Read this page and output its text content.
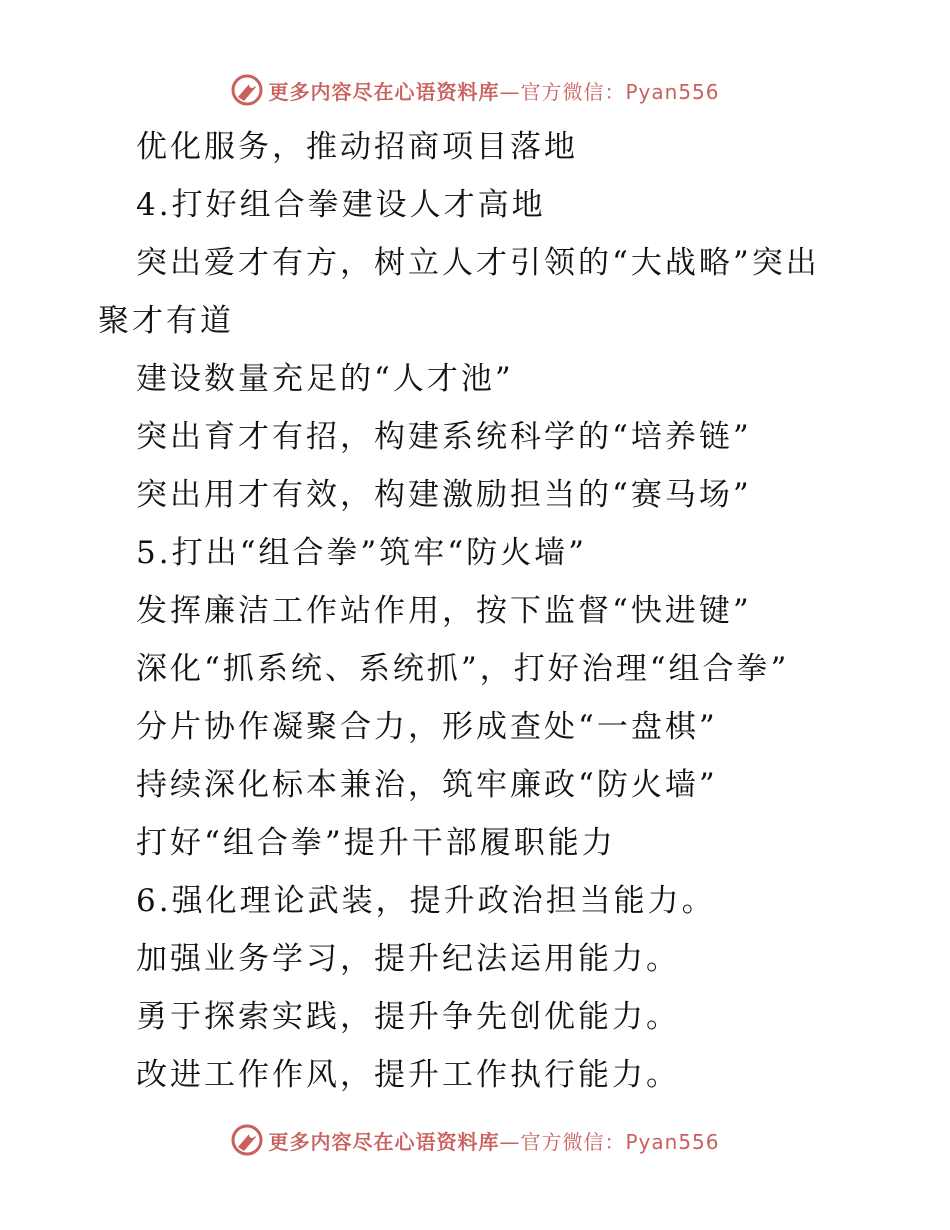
更多内容尽在心语资料库—官方微信：Pyan556
优化服务，推动招商项目落地
4.打好组合拳建设人才高地
突出爱才有方，树立人才引领的“大战略”突出
聚才有道
建设数量充足的“人才池”
突出育才有招，构建系统科学的“培养链”
突出用才有效，构建激励担当的“赛马场”
5.打出“组合拳”筑牢“防火墙”
发挥廉洁工作站作用，按下监督“快进键”
深化“抓系统、系统抓”，打好治理“组合拳”
分片协作凝聚合力，形成查处“一盘棋”
持续深化标本兼治，筑牢廉政“防火墙”
打好“组合拳”提升干部履职能力
6.强化理论武装，提升政治担当能力。
加强业务学习，提升纪法运用能力。
勇于探索实践，提升争先创优能力。
改进工作作风，提升工作执行能力。
更多内容尽在心语资料库—官方微信：Pyan556
